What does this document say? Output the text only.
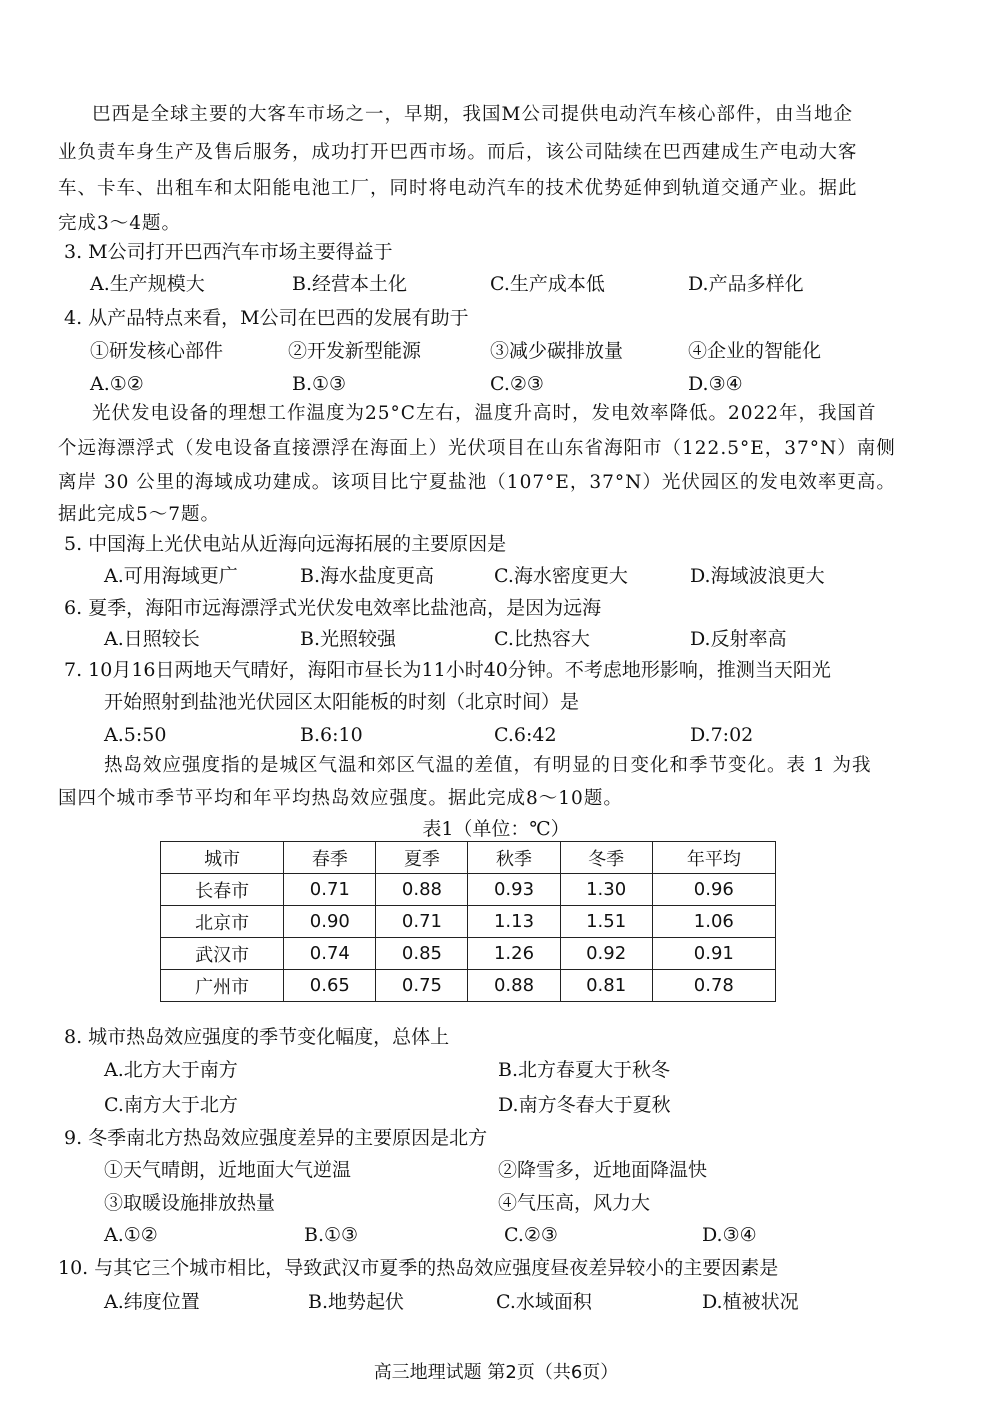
巴西是全球主要的大客车市场之一，早期，我国M公司提供电动汽车核心部件，由当地企
业负责车身生产及售后服务，成功打开巴西市场。而后，该公司陆续在巴西建成生产电动大客
车、卡车、出租车和太阳能电池工厂，同时将电动汽车的技术优势延伸到轨道交通产业。据此
完成3～4题。
3. M公司打开巴西汽车市场主要得益于
A.生产规模大	B.经营本土化	C.生产成本低	D.产品多样化
4. 从产品特点来看，M公司在巴西的发展有助于
①研发核心部件	②开发新型能源	③减少碳排放量	④企业的智能化
A.①②	B.①③	C.②③	D.③④
光伏发电设备的理想工作温度为25°C左右，温度升高时，发电效率降低。2022年，我国首
个远海漂浮式（发电设备直接漂浮在海面上）光伏项目在山东省海阳市（122.5°E，37°N）南侧
离岸 30 公里的海域成功建成。该项目比宁夏盐池（107°E，37°N）光伏园区的发电效率更高。
据此完成5～7题。
5. 中国海上光伏电站从近海向远海拓展的主要原因是
A.可用海域更广	B.海水盐度更高	C.海水密度更大	D.海域波浪更大
6. 夏季，海阳市远海漂浮式光伏发电效率比盐池高，是因为远海
A.日照较长	B.光照较强	C.比热容大	D.反射率高
7. 10月16日两地天气晴好，海阳市昼长为11小时40分钟。不考虑地形影响，推测当天阳光
开始照射到盐池光伏园区太阳能板的时刻（北京时间）是
A.5:50	B.6:10	C.6:42	D.7:02
热岛效应强度指的是城区气温和郊区气温的差值，有明显的日变化和季节变化。表 1 为我
国四个城市季节平均和年平均热岛效应强度。据此完成8～10题。
表1（单位：℃）
城市	春季	夏季	秋季	冬季	年平均
长春市	0.71	0.88	0.93	1.30	0.96
北京市	0.90	0.71	1.13	1.51	1.06
武汉市	0.74	0.85	1.26	0.92	0.91
广州市	0.65	0.75	0.88	0.81	0.78
8. 城市热岛效应强度的季节变化幅度，总体上
A.北方大于南方	B.北方春夏大于秋冬
C.南方大于北方	D.南方冬春大于夏秋
9. 冬季南北方热岛效应强度差异的主要原因是北方
①天气晴朗，近地面大气逆温	②降雪多，近地面降温快
③取暖设施排放热量	④气压高，风力大
A.①②	B.①③	C.②③	D.③④
10. 与其它三个城市相比，导致武汉市夏季的热岛效应强度昼夜差异较小的主要因素是
A.纬度位置	B.地势起伏	C.水域面积	D.植被状况
高三地理试题 第2页（共6页）
